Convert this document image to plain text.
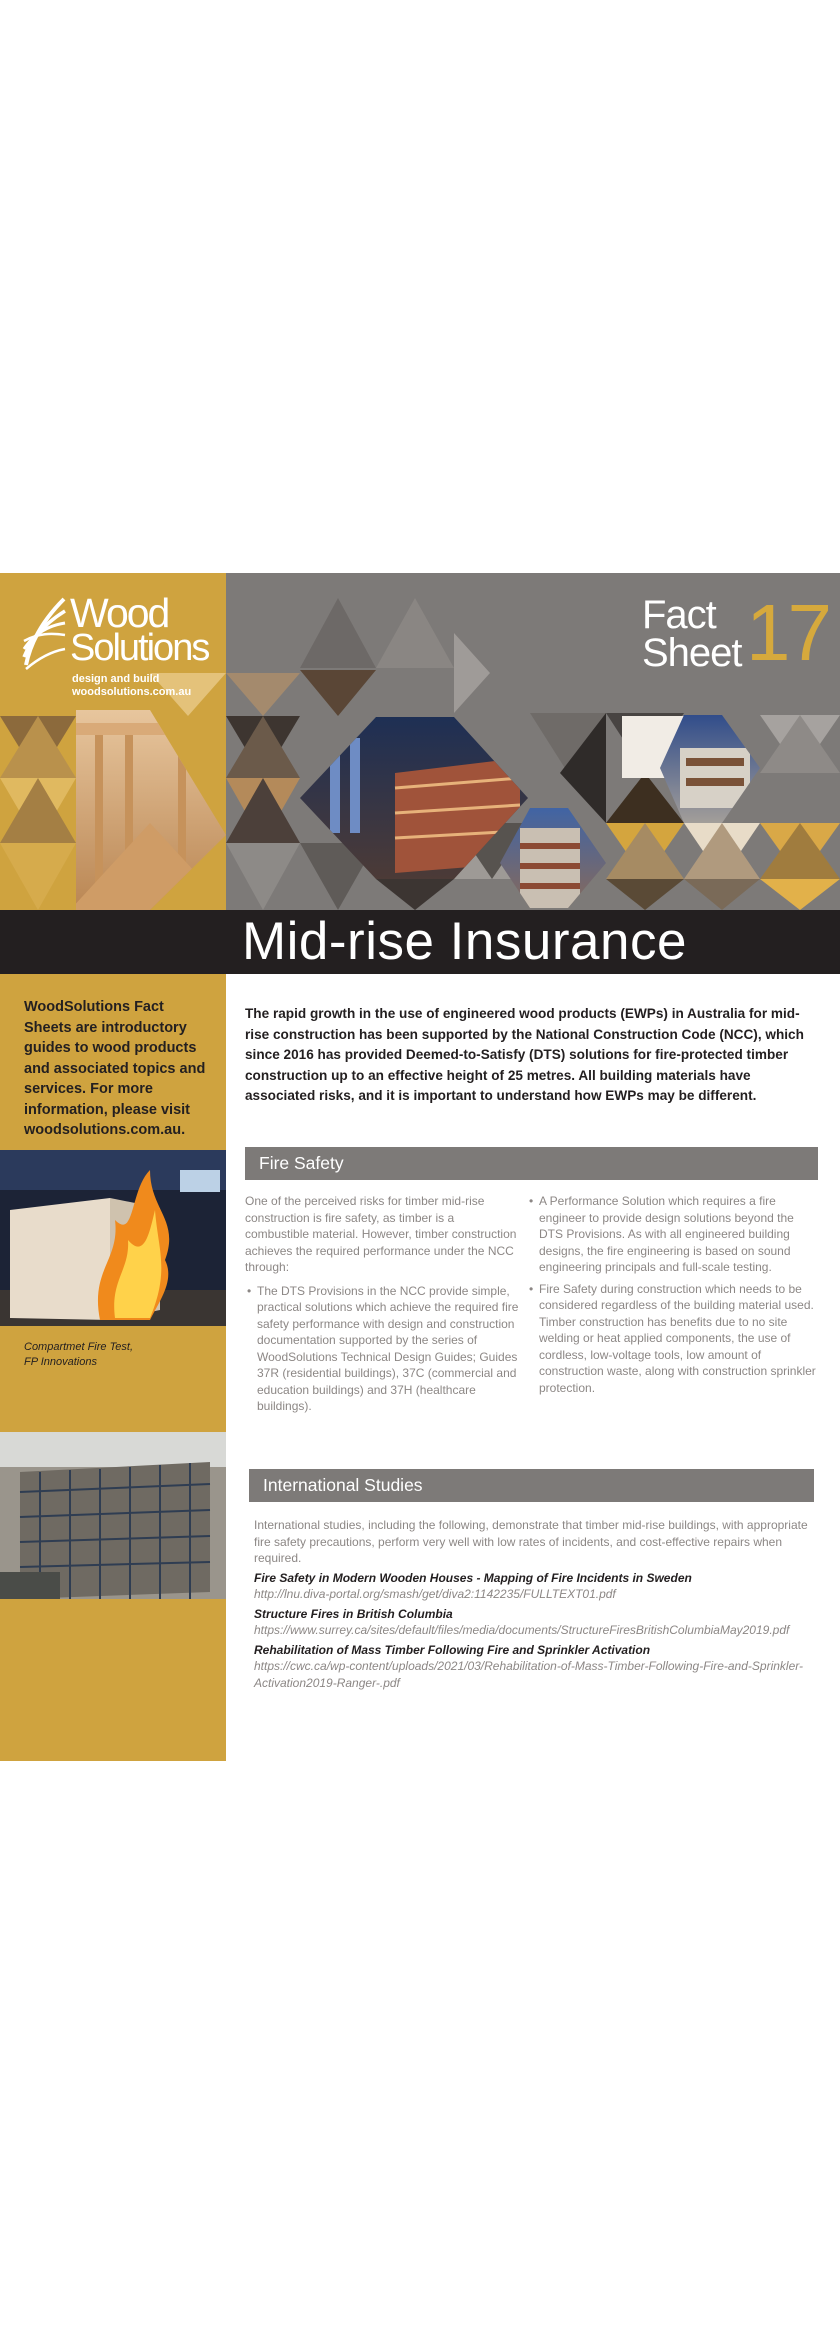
Wood
Solutions
design and build
woodsolutions.com.au
Fact
Sheet 17
Mid-rise Insurance
WoodSolutions Fact Sheets are introductory guides to wood products and associated topics and services. For more information, please visit woodsolutions.com.au.
Compartmet Fire Test,
FP Innovations

The rapid growth in the use of engineered wood products (EWPs) in Australia for mid-rise construction has been supported by the National Construction Code (NCC), which since 2016 has provided Deemed-to-Satisfy (DTS) solutions for fire-protected timber construction up to an effective height of 25 metres. All building materials have associated risks, and it is important to understand how EWPs may be different.

Fire Safety

One of the perceived risks for timber mid-rise construction is fire safety, as timber is a combustible material. However, timber construction achieves the required performance under the NCC through:

• The DTS Provisions in the NCC provide simple, practical solutions which achieve the required fire safety performance with design and construction documentation supported by the series of WoodSolutions Technical Design Guides; Guides 37R (residential buildings), 37C (commercial and education buildings) and 37H (healthcare buildings).
• A Performance Solution which requires a fire engineer to provide design solutions beyond the DTS Provisions. As with all engineered building designs, the fire engineering is based on sound engineering principals and full-scale testing.
• Fire Safety during construction which needs to be considered regardless of the building material used. Timber construction has benefits due to no site welding or heat applied components, the use of cordless, low-voltage tools, low amount of construction waste, along with construction sprinkler protection.
International Studies

International studies, including the following, demonstrate that timber mid-rise buildings, with appropriate fire safety precautions, perform very well with low rates of incidents, and cost-effective repairs when required.

Fire Safety in Modern Wooden Houses - Mapping of Fire Incidents in Sweden
http://lnu.diva-portal.org/smash/get/diva2:1142235/FULLTEXT01.pdf
Structure Fires in British Columbia
https://www.surrey.ca/sites/default/files/media/documents/StructureFiresBritishColumbiaMay2019.pdf
Rehabilitation of Mass Timber Following Fire and Sprinkler Activation
https://cwc.ca/wp-content/uploads/2021/03/Rehabilitation-of-Mass-Timber-Following-Fire-and-Sprinkler-Activation2019-Ranger-.pdf
